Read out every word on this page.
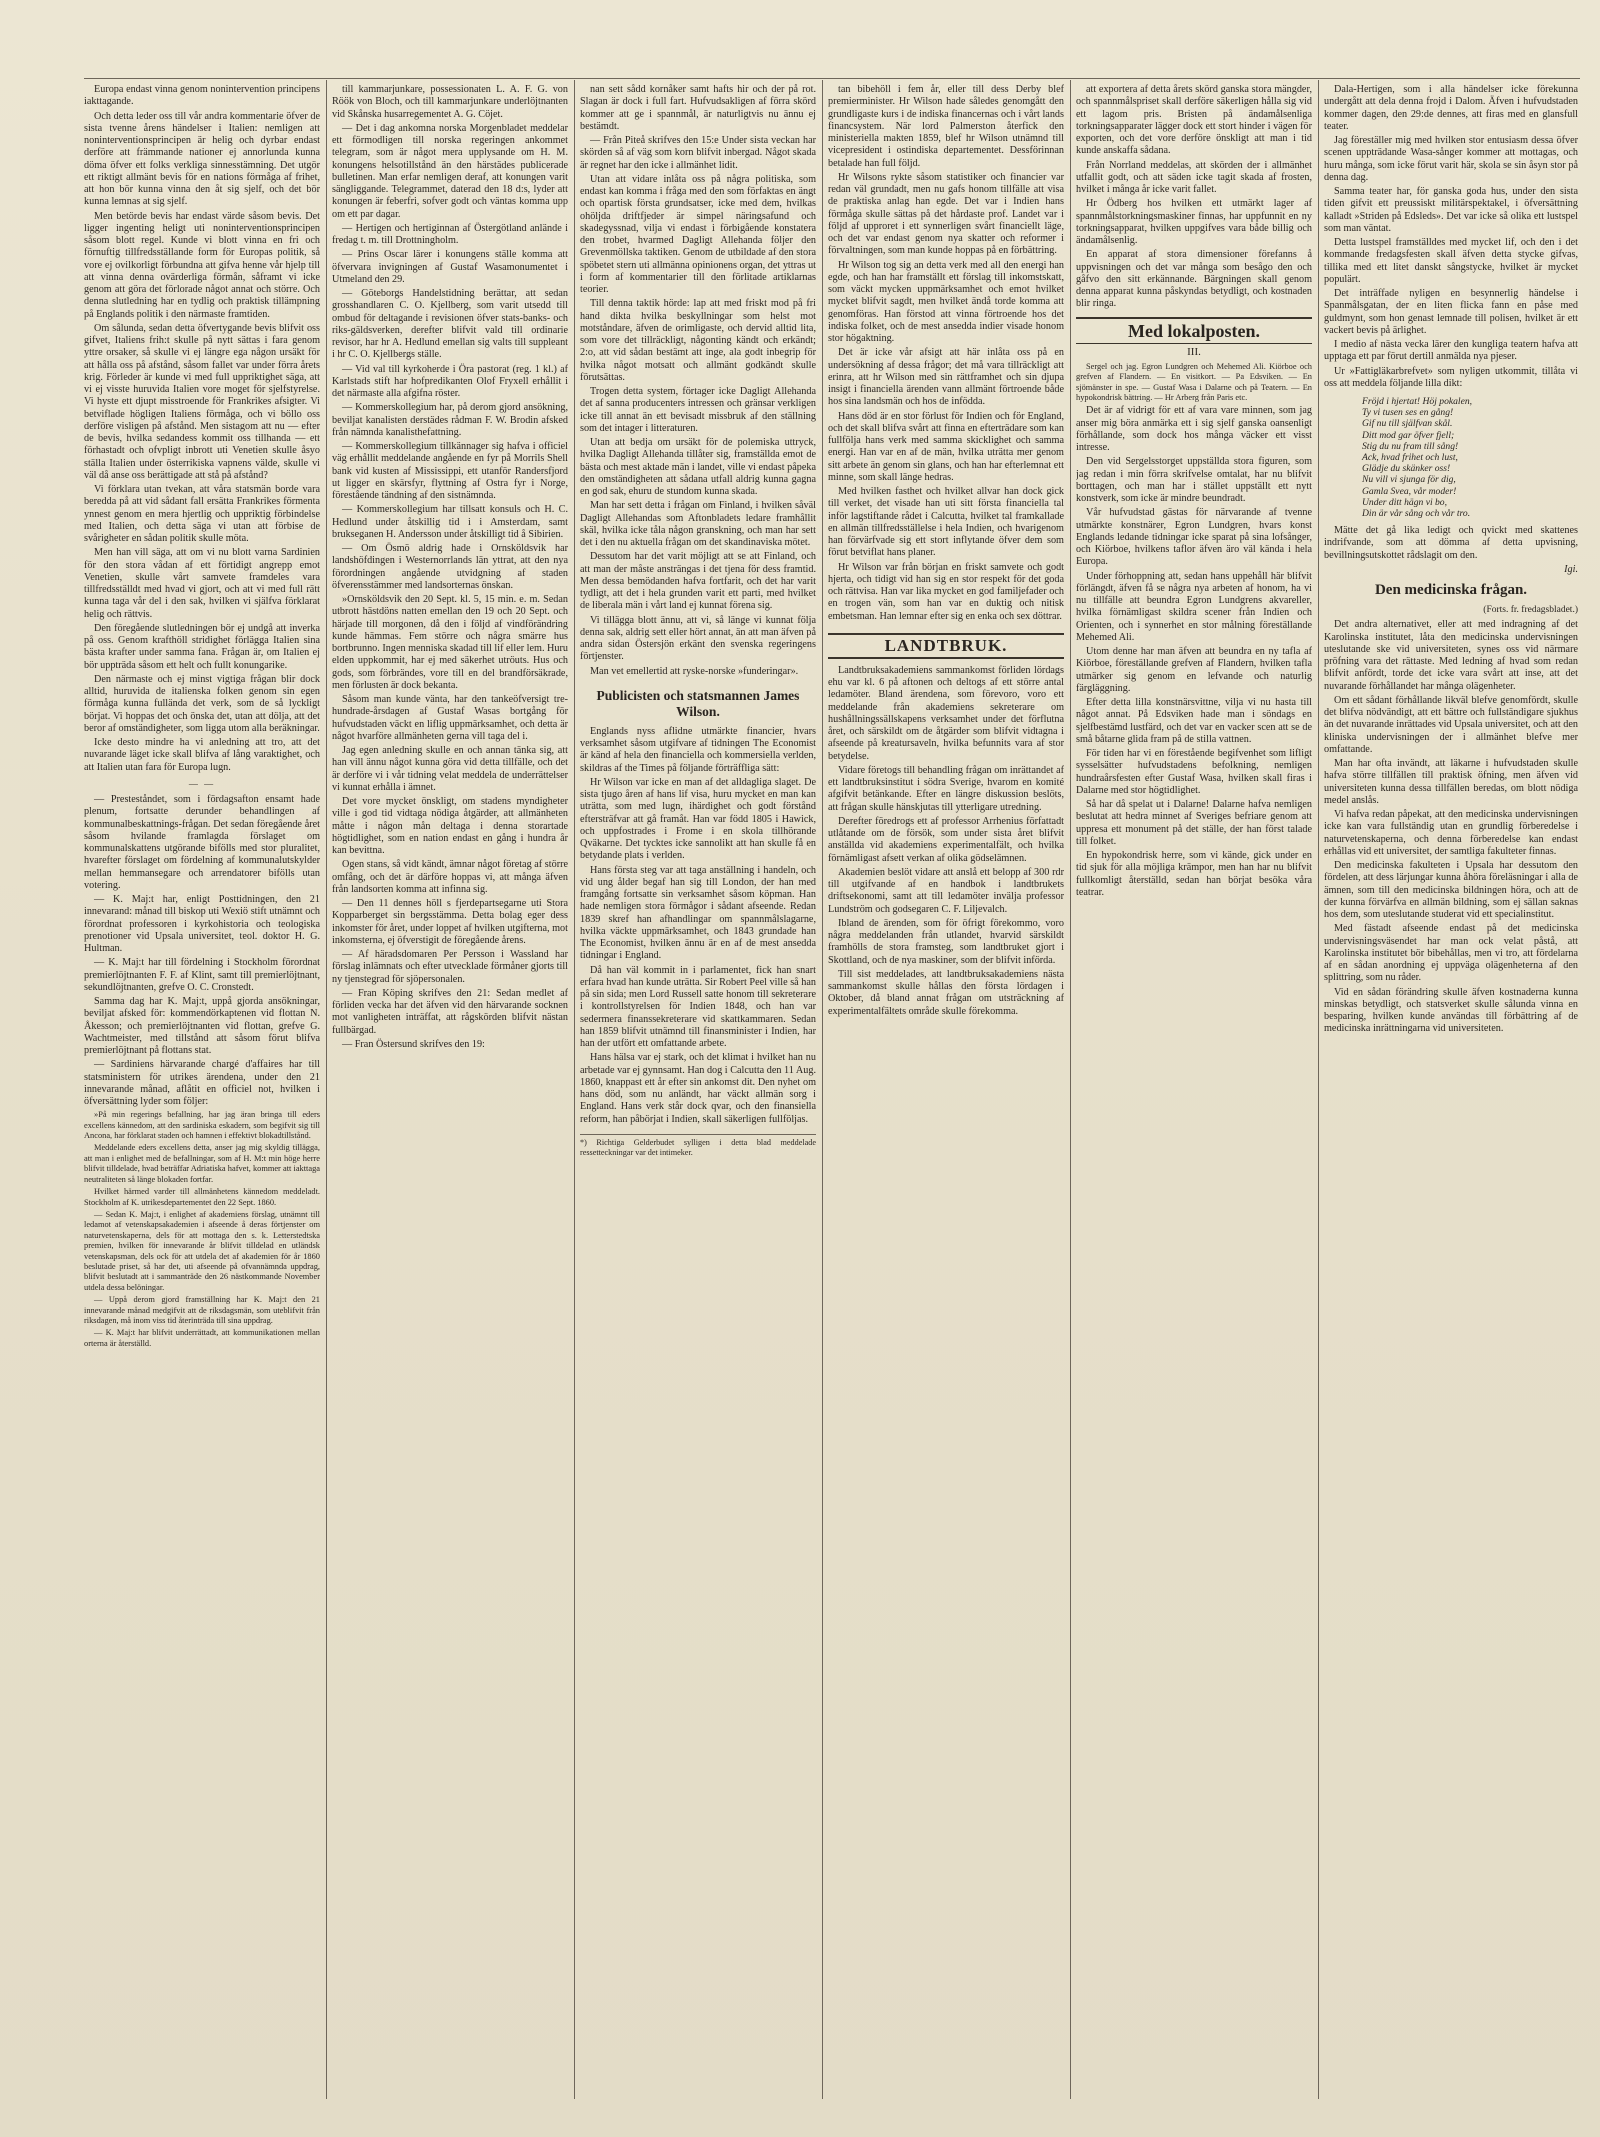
Europa endast vinna genom nonintervention principens iakttagande.

Och detta leder oss till vår andra kommentarie öfver de sista tvenne årens händelser i Italien: nemligen att noninterventionsprincipen är helig och dyrbar endast derföre att främmande nationer ej annorlunda kunna döma öfver ett folks verkliga sinnesstämning. Det utgör ett riktigt allmänt bevis för en nations förmåga af frihet, att hon bör kunna vinna den åt sig sjelf, och det bör kunna lemnas at sig sjelf.

Men betörde bevis har endast värde såsom bevis. Det ligger ingenting heligt uti noninterventionsprincipen såsom blott regel. Kunde vi blott vinna en fri och förnuftig tillfredsställande form för Europas politik, så vore ej ovilkorligt förbundna att gifva henne vår hjelp till att vinna denna ovärderliga förmån, såframt vi icke genom att göra det förlorade något annat och större. Och denna slutledning har en tydlig och praktisk tillämpning på Englands politik i den närmaste framtiden.

Om sålunda, sedan detta öfvertygande bevis blifvit oss gifvet, Italiens frih:t skulle på nytt sättas i fara genom yttre orsaker, så skulle vi ej längre ega någon ursäkt för att hålla oss på afstånd, såsom fallet var under förra årets krig. Förleder är kunde vi med full uppriktighet säga, att vi ej visste huruvida Italien vore moget för sjelfstyrelse. Vi hyste ett djupt misstroende för Frankrikes afsigter. Vi betviflade högligen Italiens förmåga, och vi böllo oss derföre visligen på afstånd. Men sistagom att nu — efter de bevis, hvilka sedandess kommit oss tillhanda — ett förhastadt och ofvpligt inbrott uti Venetien skulle åsyo ställa Italien under österrikiska vapnens välde, skulle vi väl då anse oss berättigade att stå på afstånd?

Vi förklara utan tvekan, att våra statsmän borde vara beredda på att vid sådant fall ersätta Frankrikes förmenta ynnest genom en mera hjertlig och uppriktig förbindelse med Italien, och detta säga vi utan att förbise de svårigheter en sådan politik skulle möta.

Men han vill säga, att om vi nu blott varna Sardinien för den stora vådan af ett förtidigt angrepp emot Venetien, skulle vårt samvete framdeles vara tillfredsställdt med hvad vi gjort, och att vi med full rätt kunna taga vår del i den sak, hvilken vi själfva förklarat helig och rättvis.

Den föregående slutledningen bör ej undgå att inverka på oss. Genom krafthöll stridighet förlägga Italien sina bästa krafter under samma fana. Frågan är, om Italien ej bör uppträda såsom ett helt och fullt konungarike.

Den närmaste och ej minst vigtiga frågan blir dock alltid, huruvida de italienska folken genom sin egen förmåga kunna fullända det verk, som de så lyckligt börjat. Vi hoppas det och önska det, utan att dölja, att det beror af omständigheter, som ligga utom alla beräkningar.

Icke desto mindre ha vi anledning att tro, att det nuvarande läget icke skall blifva af lång varaktighet, och att Italien utan fara för Europa lugn.

— —

— Presteståndet, som i fördagsafton ensamt hade plenum, fortsatte derunder behandlingen af kommunalbeskattnings-frågan. Det sedan föregående året såsom hvilande framlagda förslaget om kommunalskattens utgörande bifölls med stor pluralitet, hvarefter förslaget om fördelning af kommunalutskylder mellan hemmansegare och arrendatorer bifölls utan votering.

— K. Maj:t har, enligt Posttidningen, den 21 innevarand: månad till biskop uti Wexiö stift utnämnt och förordnat professoren i kyrkohistoria och teologiska prenotioner vid Upsala universitet, teol. doktor H. G. Hultman.

— K. Maj:t har till fördelning i Stockholm förordnat premierlöjtnanten F. F. af Klint, samt till premierlöjtnant, sekundlöjtnanten, grefve O. C. Cronstedt.

Samma dag har K. Maj:t, uppå gjorda ansökningar, beviljat afsked för: kommendörkaptenen vid flottan N. Åkesson; och premierlöjtnanten vid flottan, grefve G. Wachtmeister, med tillstånd att såsom förut blifva premierlöjtnant på flottans stat.

— Sardiniens härvarande chargé d'affaires har till statsministern för utrikes ärendena, under den 21 innevarande månad, aflåtit en officiel not, hvilken i öfversättning lyder som följer:

»På min regerings befallning, har jag äran bringa till eders excellens kännedom, att den sardiniska eskadern, som begifvit sig till Ancona, har förklarat staden och hamnen i effektivt blokadtillstånd.

Meddelande eders excellens detta, anser jag mig skyldig tillägga, att man i enlighet med de befallningar, som af H. M:t min höge herre blifvit tilldelade, hvad beträffar Adriatiska hafvet, kommer att iakttaga neutraliteten så länge blokaden fortfar.

Hvilket härmed varder till allmänhetens kännedom meddeladt. Stockholm af K. utrikesdepartementet den 22 Sept. 1860.

— Sedan K. Maj:t, i enlighet af akademiens förslag, utnämnt till ledamot af vetenskapsakademien i afseende å deras förtjenster om naturvetenskaperna, dels för att mottaga den s. k. Letterstedtska premien, hvilken för innevarande år blifvit tilldelad en utländsk vetenskapsman, dels ock för att utdela det af akademien för år 1860 beslutade priset, så har det, uti afseende på ofvannämnda uppdrag, blifvit beslutadt att i sammanträde den 26 nästkommande November utdela dessa belöningar.

— Uppå derom gjord framställning har K. Maj:t den 21 innevarande månad medgifvit att de riksdagsmän, som uteblifvit från riksdagen, må inom viss tid återinträda till sina uppdrag.

— K. Maj:t har blifvit underrättadt, att kommunikationen mellan orterna är återställd.

till kammarjunkare, possessionaten L. A. F. G. von Röök von Bloch, och till kammarjunkare underlöjtnanten vid Skånska husarregementet A. G. Cöjet.

— Det i dag ankomna norska Morgenbladet meddelar ett förmodligen till norska regeringen ankommet telegram, som är något mera upplysande om H. M. konungens helsotillstånd än den härstädes publicerade bulletinen. Man erfar nemligen deraf, att konungen varit sängliggande. Telegrammet, daterad den 18 d:s, lyder att konungen är feberfri, sofver godt och väntas komma upp om ett par dagar.

— Hertigen och hertiginnan af Östergötland anlände i fredag t. m. till Drottningholm.

— Prins Oscar lärer i konungens ställe komma att öfvervara invigningen af Gustaf Wasamonumentet i Utmeland den 29.

— Göteborgs Handelstidning berättar, att sedan grosshandlaren C. O. Kjellberg, som varit utsedd till ombud för deltagande i revisionen öfver stats-banks- och riks-gäldsverken, derefter blifvit vald till ordinarie revisor, har hr A. Hedlund emellan sig valts till suppleant i hr C. O. Kjellbergs ställe.

— Vid val till kyrkoherde i Öra pastorat (reg. 1 kl.) af Karlstads stift har hofpredikanten Olof Fryxell erhållit i det närmaste alla afgifna röster.

— Kommerskollegium har, på derom gjord ansökning, beviljat kanalisten derstädes rådman F. W. Brodin afsked från nämnda kanalisthefattning.

— Kommerskollegium tillkännager sig hafva i officiel väg erhållit meddelande angående en fyr på Morrils Shell bank vid kusten af Mississippi, ett utanför Randersfjord ut ligger en skärsfyr, flyttning af Ostra fyr i Norge, förestående tändning af den sistnämnda.

— Kommerskollegium har tillsatt konsuls och H. C. Hedlund under åtskillig tid i i Amsterdam, samt brukseganen H. Andersson under åtskilligt tid å Sibirien.

— Om Ösmö aldrig hade i Ornsköldsvik har landshöfdingen i Westernorrlands län yttrat, att den nya förordningen angående utvidgning af staden öfverensstämmer med landsorternas önskan.

»Ornsköldsvik den 20 Sept. kl. 5, 15 min. e. m. Sedan utbrott hästdöns natten emellan den 19 och 20 Sept. och härjade till morgonen, då den i följd af vindförändring kunde hämmas. Fem större och några smärre hus bortbrunno. Ingen menniska skadad till lif eller lem. Huru elden uppkommit, har ej med säkerhet utröuts. Hus och gods, som förbrändes, vore till en del brandförsäkrade, men förlusten är dock bekanta.

Såsom man kunde vänta, har den tankeöfversigt tre-hundrade-årsdagen af Gustaf Wasas bortgång för hufvudstaden väckt en liflig uppmärksamhet, och detta är något hvarföre allmänheten gerna vill taga del i.

Jag egen anledning skulle en och annan tänka sig, att han vill ännu något kunna göra vid detta tillfälle, och det är derföre vi i vår tidning velat meddela de underrättelser vi kunnat erhålla i ämnet.

Det vore mycket önskligt, om stadens myndigheter ville i god tid vidtaga nödiga åtgärder, att allmänheten måtte i någon mån deltaga i denna storartade högtidlighet, som en nation endast en gång i hundra år kan bevittna.

Ogen stans, så vidt kändt, ämnar något företag af större omfång, och det är därföre hoppas vi, att många äfven från landsorten komma att infinna sig.

— Den 11 dennes höll s fjerdepartsegarne uti Stora Kopparberget sin bergsstämma. Detta bolag eger dess inkomster för året, under loppet af hvilken utgifterna, mot inkomsterna, ej öfverstigit de föregående årens.

— Af häradsdomaren Per Persson i Wassland har förslag inlämnats och efter utvecklade förmåner gjorts till ny tjenstegrad för sjöpersonalen.

— Fran Köping skrifves den 21: Sedan medlet af förliden vecka har det äfven vid den härvarande socknen mot vanligheten inträffat, att rågskörden blifvit nästan fullbärgad.

— Fran Östersund skrifves den 19:

nan sett sådd kornåker samt hafts hir och der på rot. Slagan är dock i full fart. Hufvudsakligen af förra skörd kommer att ge i spannmål, är naturligtvis nu ännu ej bestämdt.

— Från Piteå skrifves den 15:e Under sista veckan har skörden så af väg som korn blifvit inbergad. Något skada är regnet har den icke i allmänhet lidit.

Utan att vidare inlåta oss på några politiska, som endast kan komma i fråga med den som förfaktas en ängt och opartisk första grundsatser, icke med dem, hvilkas ohöljda driftfjeder är simpel näringsafund och skadegyssnad, vilja vi endast i förbigående konstatera den trobet, hvarmed Dagligt Allehanda följer den Grevenmöllska taktiken. Genom de utbildade af den stora spöbetet stern uti allmänna opinionens organ, det yttras ut i form af kommentarier till den förlitade artiklarnas teorier.

Till denna taktik hörde: lap att med friskt mod på fri hand dikta hvilka beskyllningar som helst mot motståndare, äfven de orimligaste, och dervid alltid lita, som vore det tillräckligt, någonting kändt och erkändt; 2:o, att vid sådan bestämt att inge, ala godt inbegrip för hvilka något motsatt och allmänt godkändt skulle förutsättas.

Trogen detta system, förtager icke Dagligt Allehanda det af sanna producenters intressen och gränsar verkligen icke till annat än ett bevisadt missbruk af den ställning som det intager i litteraturen.

Utan att bedja om ursäkt för de polemiska uttryck, hvilka Dagligt Allehanda tillåter sig, framställda emot de bästa och mest aktade män i landet, ville vi endast påpeka den omständigheten att sådana utfall aldrig kunna gagna en god sak, ehuru de stundom kunna skada.

Man har sett detta i frågan om Finland, i hvilken såväl Dagligt Allehandas som Aftonbladets ledare framhållit skäl, hvilka icke tåla någon granskning, och man har sett det i den nu aktuella frågan om det skandinaviska mötet.

Dessutom har det varit möjligt att se att Finland, och att man der måste ansträngas i det tjena för dess framtid. Men dessa bemödanden hafva fortfarit, och det har varit tydligt, att det i hela grunden varit ett parti, med hvilket de liberala män i vårt land ej kunnat förena sig.

Vi tillägga blott ännu, att vi, så länge vi kunnat följa denna sak, aldrig sett eller hört annat, än att man äfven på andra sidan Östersjön erkänt den svenska regeringens förtjenster.

Man vet emellertid att ryske-norske »funderingar».

Publicisten och statsmannen James Wilson.

Englands nyss aflidne utmärkte financier, hvars verksamhet såsom utgifvare af tidningen The Economist är känd af hela den financiella och kommersiella verlden, skildras af the Times på följande förträffliga sätt:

Hr Wilson var icke en man af det alldagliga slaget. De sista tjugo åren af hans lif visa, huru mycket en man kan uträtta, som med lugn, ihärdighet och godt förstånd eftersträfvar att gå framåt. Han var född 1805 i Hawick, och uppfostrades i Frome i en skola tillhörande Qväkarne. Det tycktes icke sannolikt att han skulle få en betydande plats i verlden.

Hans första steg var att taga anställning i handeln, och vid ung ålder begaf han sig till London, der han med framgång fortsatte sin verksamhet såsom köpman. Han hade nemligen stora förmågor i sådant afseende. Redan 1839 skref han afhandlingar om spannmålslagarne, hvilka väckte uppmärksamhet, och 1843 grundade han The Economist, hvilken ännu är en af de mest ansedda tidningar i England.

Då han väl kommit in i parlamentet, fick han snart erfara hvad han kunde uträtta. Sir Robert Peel ville så han på sin sida; men Lord Russell satte honom till sekreterare i kontrollstyrelsen för Indien 1848, och han var sedermera finanssekreterare vid skattkammaren. Sedan han 1859 blifvit utnämnd till finansminister i Indien, har han der utfört ett omfattande arbete.

Hans hälsa var ej stark, och det klimat i hvilket han nu arbetade var ej gynnsamt. Han dog i Calcutta den 11 Aug. 1860, knappast ett år efter sin ankomst dit. Den nyhet om hans död, som nu anländt, har väckt allmän sorg i England. Hans verk står dock qvar, och den finansiella reform, han påbörjat i Indien, skall säkerligen fullföljas.

*) Richtiga Gelderbudet sylligen i detta blad meddelade ressetteckningar var det intimeker.

tan bibehöll i fem år, eller till dess Derby blef premierminister. Hr Wilson hade således genomgått den grundligaste kurs i de indiska financernas och i vårt lands financsystem. När lord Palmerston återfick den ministeriella makten 1859, blef hr Wilson utnämnd till vicepresident i ostindiska departementet. Dessförinnan betalade han full följd.

Hr Wilsons rykte såsom statistiker och financier var redan väl grundadt, men nu gafs honom tillfälle att visa de praktiska anlag han egde. Det var i Indien hans förmåga skulle sättas på det hårdaste prof. Landet var i följd af upproret i ett synnerligen svårt financiellt läge, och det var endast genom nya skatter och reformer i förvaltningen, som man kunde hoppas på en förbättring.

Hr Wilson tog sig an detta verk med all den energi han egde, och han har framställt ett förslag till inkomstskatt, som väckt mycken uppmärksamhet och emot hvilket mycket blifvit sagdt, men hvilket ändå torde komma att genomföras. Han förstod att vinna förtroende hos det indiska folket, och de mest ansedda indier visade honom stor högaktning.

Det är icke vår afsigt att här inlåta oss på en undersökning af dessa frågor; det må vara tillräckligt att erinra, att hr Wilson med sin rättframhet och sin djupa insigt i financiella ärenden vann allmänt förtroende både hos sina landsmän och hos de infödda.

Hans död är en stor förlust för Indien och för England, och det skall blifva svårt att finna en efterträdare som kan fullfölja hans verk med samma skicklighet och samma energi. Han var en af de män, hvilka uträtta mer genom sitt arbete än genom sin glans, och han har efterlemnat ett minne, som skall länge hedras.

Med hvilken fasthet och hvilket allvar han dock gick till verket, det visade han uti sitt första financiella tal inför lagstiftande rådet i Calcutta, hvilket tal framkallade en allmän tillfredsställelse i hela Indien, och hvarigenom han förvärfvade sig ett stort inflytande öfver dem som förut betviflat hans planer.

Hr Wilson var från början en friskt samvete och godt hjerta, och tidigt vid han sig en stor respekt för det goda och rättvisa. Han var lika mycket en god familjefader och en trogen vän, som han var en duktig och nitisk embetsman. Han lemnar efter sig en enka och sex döttrar.

LANDTBRUK.

Landtbruksakademiens sammankomst förliden lördags ehu var kl. 6 på aftonen och deltogs af ett större antal ledamöter. Bland ärendena, som förevoro, voro ett meddelande från akademiens sekreterare om hushållningssällskapens verksamhet under det förflutna året, och särskildt om de åtgärder som blifvit vidtagna i afseende på kreatursaveln, hvilka befunnits vara af stor betydelse.

Vidare företogs till behandling frågan om inrättandet af ett landtbruksinstitut i södra Sverige, hvarom en komité afgifvit betänkande. Efter en längre diskussion beslöts, att frågan skulle hänskjutas till ytterligare utredning.

Derefter föredrogs ett af professor Arrhenius författadt utlåtande om de försök, som under sista året blifvit anställda vid akademiens experimentalfält, och hvilka förnämligast afsett verkan af olika gödselämnen.

Akademien beslöt vidare att anslå ett belopp af 300 rdr till utgifvande af en handbok i landtbrukets driftsekonomi, samt att till ledamöter invälja professor Lundström och godsegaren C. F. Liljevalch.

Ibland de ärenden, som för öfrigt förekommo, voro några meddelanden från utlandet, hvarvid särskildt framhölls de stora framsteg, som landtbruket gjort i Skottland, och de nya maskiner, som der blifvit införda.

Till sist meddelades, att landtbruksakademiens nästa sammankomst skulle hållas den första lördagen i Oktober, då bland annat frågan om utsträckning af experimentalfältets område skulle förekomma.

att exportera af detta årets skörd ganska stora mängder, och spannmålspriset skall derföre säkerligen hålla sig vid ett lagom pris. Bristen på ändamålsenliga torkningsapparater lägger dock ett stort hinder i vägen för exporten, och det vore derföre önskligt att man i tid kunde anskaffa sådana.

Från Norrland meddelas, att skörden der i allmänhet utfallit godt, och att säden icke tagit skada af frosten, hvilket i många år icke varit fallet.

Hr Ödberg hos hvilken ett utmärkt lager af spannmålstorkningsmaskiner finnas, har uppfunnit en ny torkningsapparat, hvilken uppgifves vara både billig och ändamålsenlig.

En apparat af stora dimensioner förefanns å uppvisningen och det var många som besågo den och gåfvo den sitt erkännande. Bärgningen skall genom denna apparat kunna påskyndas betydligt, och kostnaden blir ringa.

Med lokalposten.
III.

Sergel och jag. Egron Lundgren och Mehemed Ali. Kiörboe och grefven af Flandern. — En visitkort. — Pa Edsviken. — En sjömänster in spe. — Gustaf Wasa i Dalarne och på Teatern. — En hypokondrisk bättring. — Hr Arberg från Paris etc.

Det är af vidrigt för ett af vara vare minnen, som jag anser mig böra anmärka ett i sig sjelf ganska oansenligt förhållande, som dock hos många väcker ett visst intresse.

Den vid Sergelsstorget uppställda stora figuren, som jag redan i min förra skrifvelse omtalat, har nu blifvit borttagen, och man har i stället uppställt ett nytt konstverk, som icke är mindre beundradt.

Vår hufvudstad gästas för närvarande af tvenne utmärkte konstnärer, Egron Lundgren, hvars konst Englands ledande tidningar icke sparat på sina lofsånger, och Kiörboe, hvilkens taflor äfven äro väl kända i hela Europa.

Under förhoppning att, sedan hans uppehåll här blifvit förlängdt, äfven få se några nya arbeten af honom, ha vi nu tillfälle att beundra Egron Lundgrens akvareller, hvilka förnämligast skildra scener från Indien och Orienten, och i synnerhet en stor målning föreställande Mehemed Ali.

Utom denne har man äfven att beundra en ny tafla af Kiörboe, föreställande grefven af Flandern, hvilken tafla utmärker sig genom en lefvande och naturlig färgläggning.

Efter detta lilla konstnärsvittne, vilja vi nu hasta till något annat. På Edsviken hade man i söndags en sjelfbestämd lustfärd, och det var en vacker scen att se de små båtarne glida fram på de stilla vattnen.

För tiden har vi en förestående begifvenhet som lifligt sysselsätter hufvudstadens befolkning, nemligen hundraårsfesten efter Gustaf Wasa, hvilken skall firas i Dalarne med stor högtidlighet.

Så har då spelat ut i Dalarne! Dalarne hafva nemligen beslutat att hedra minnet af Sveriges befriare genom att uppresa ett monument på det ställe, der han först talade till folket.

En hypokondrisk herre, som vi kände, gick under en tid sjuk för alla möjliga krämpor, men han har nu blifvit fullkomligt återställd, sedan han börjat besöka våra teatrar.

Dala-Hertigen, som i alla händelser icke förekunna undergått att dela denna frojd i Dalom. Äfven i hufvudstaden kommer dagen, den 29:de dennes, att firas med en glansfull teater.

Jag föreställer mig med hvilken stor entusiasm dessa öfver scenen uppträdande Wasa-sånger kommer att mottagas, och huru många, som icke förut varit här, skola se sin åsyn stor på denna dag.

Samma teater har, för ganska goda hus, under den sista tiden gifvit ett preussiskt militärspektakel, i öfversättning kalladt »Striden på Edsleds». Det var icke så olika ett lustspel som man väntat.

Detta lustspel framställdes med mycket lif, och den i det kommande fredagsfesten skall äfven detta stycke gifvas, tillika med ett litet danskt sångstycke, hvilket är mycket populärt.

Det inträffade nyligen en besynnerlig händelse i Spanmålsgatan, der en liten flicka fann en påse med guldmynt, som hon genast lemnade till polisen, hvilket är ett vackert bevis på ärlighet.

I medio af nästa vecka lärer den kungliga teatern hafva att upptaga ett par förut dertill anmälda nya pjeser.

Ur »Fattigläkarbrefvet» som nyligen utkommit, tillåta vi oss att meddela följande lilla dikt:

Fröjd i hjertat! Höj pokalen,
Ty vi tusen ses en gång!
Gif nu till själfvan skål.
Ditt mod gar öfver fjell;
Stig du nu fram till sång!
Ack, hvad frihet och lust,
Glädje du skänker oss!
Nu vill vi sjunga för dig,
Gamla Svea, vår moder!
Under ditt hägn vi bo,
Din är vår sång och vår tro.

Mätte det gå lika ledigt och qvickt med skattenes indrifvande, som att dömma af detta upvisning, bevillningsutskottet rådslagit om den.

Igi.
Den medicinska frågan.
(Forts. fr. fredagsbladet.)

Det andra alternativet, eller att med indragning af det Karolinska institutet, låta den medicinska undervisningen uteslutande ske vid universiteten, synes oss vid närmare pröfning vara det rättaste. Med ledning af hvad som redan blifvit anfördt, torde det icke vara svårt att inse, att det nuvarande förhållandet har många olägenheter.

Om ett sådant förhållande likväl blefve genomfördt, skulle det blifva nödvändigt, att ett bättre och fullständigare sjukhus än det nuvarande inrättades vid Upsala universitet, och att den kliniska undervisningen der i allmänhet blefve mer omfattande.

Man har ofta invändt, att läkarne i hufvudstaden skulle hafva större tillfällen till praktisk öfning, men äfven vid universiteten kunna dessa tillfällen beredas, om blott nödiga medel anslås.

Vi hafva redan påpekat, att den medicinska undervisningen icke kan vara fullständig utan en grundlig förberedelse i naturvetenskaperna, och denna förberedelse kan endast erhållas vid ett universitet, der samtliga fakulteter finnas.

Den medicinska fakulteten i Upsala har dessutom den fördelen, att dess lärjungar kunna åhöra föreläsningar i alla de ämnen, som till den medicinska bildningen höra, och att de der kunna förvärfva en allmän bildning, som ej sällan saknas hos dem, som uteslutande studerat vid ett specialinstitut.

Med fästadt afseende endast på det medicinska undervisningsväsendet har man ock velat påstå, att Karolinska institutet bör bibehållas, men vi tro, att fördelarna af en sådan anordning ej uppväga olägenheterna af den splittring, som nu råder.

Vid en sådan förändring skulle äfven kostnaderna kunna minskas betydligt, och statsverket skulle sålunda vinna en besparing, hvilken kunde användas till förbättring af de medicinska inrättningarna vid universiteten.
